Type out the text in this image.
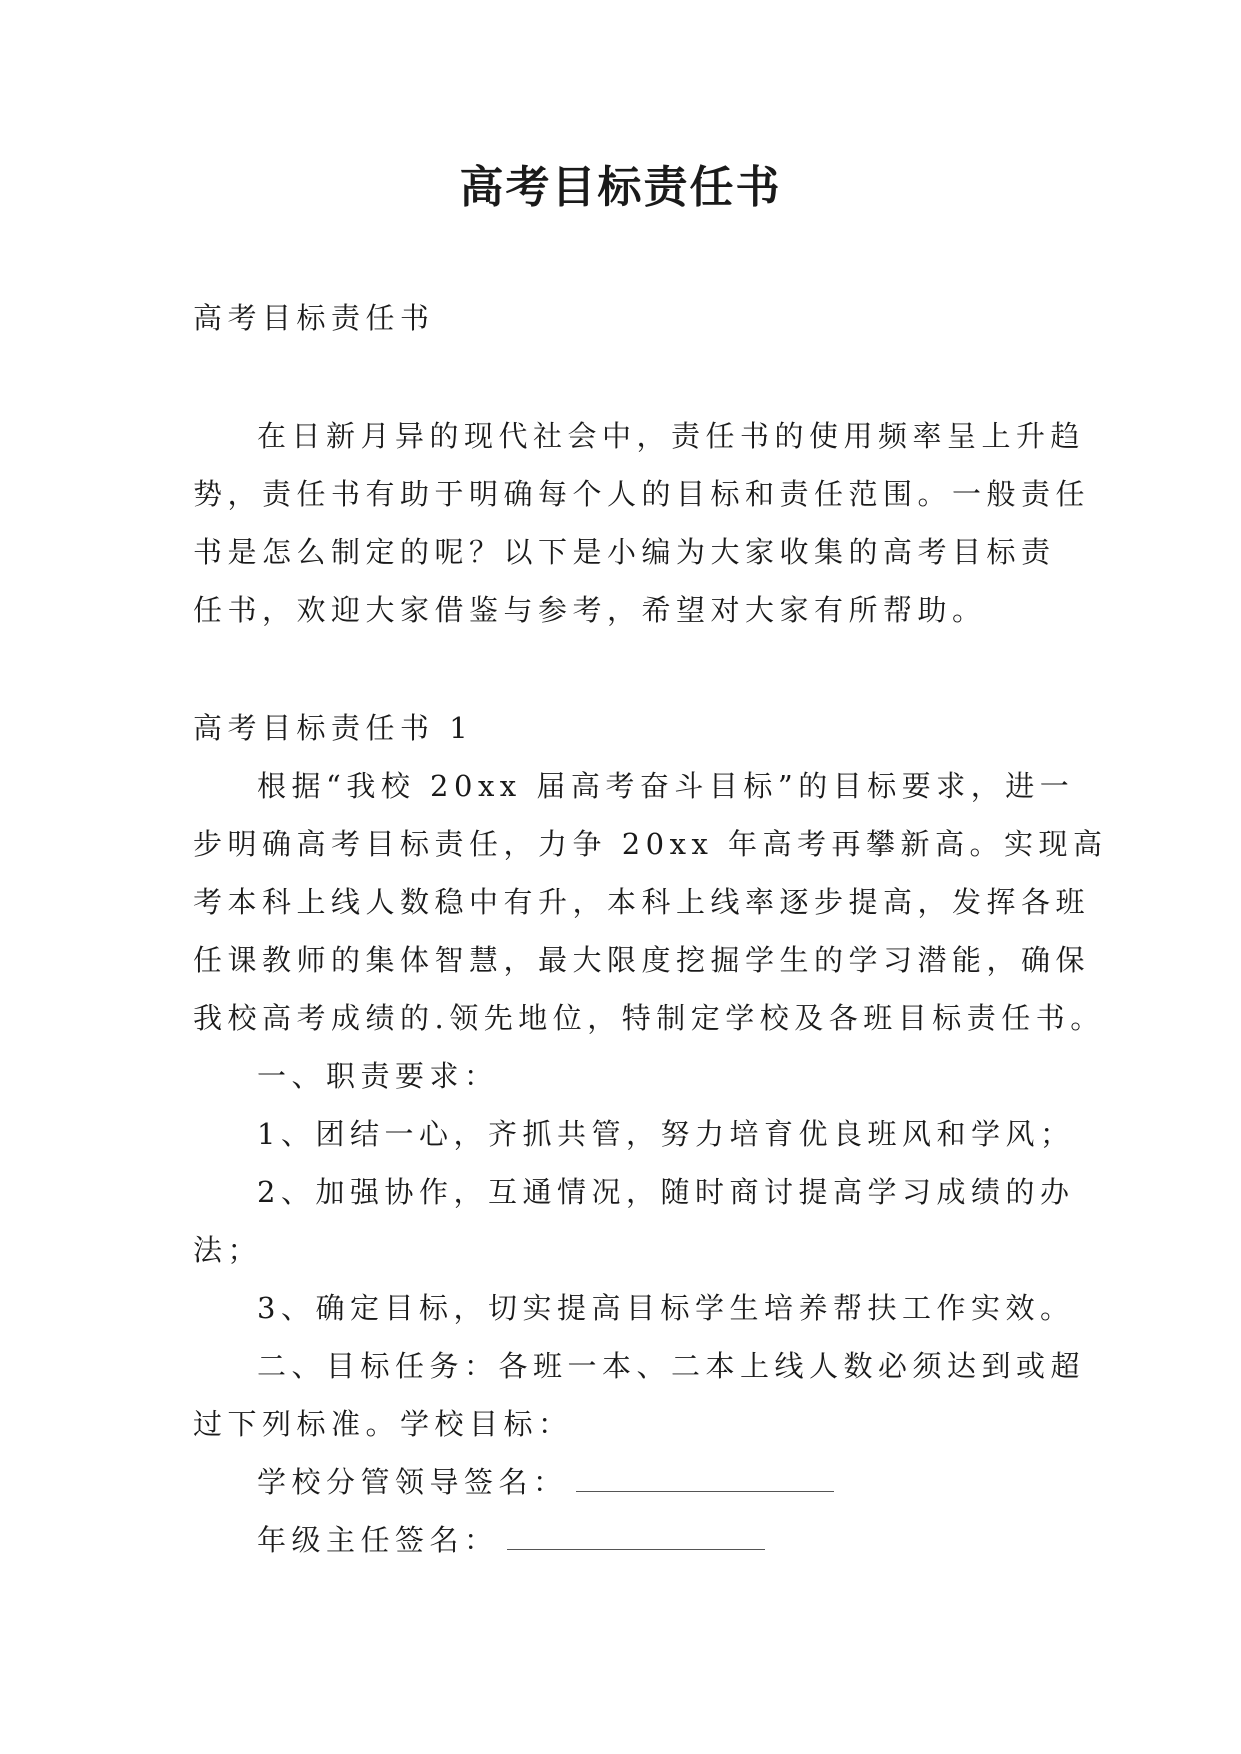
高考目标责任书
高考目标责任书
在日新月异的现代社会中，责任书的使用频率呈上升趋
势，责任书有助于明确每个人的目标和责任范围。一般责任
书是怎么制定的呢？以下是小编为大家收集的高考目标责
任书，欢迎大家借鉴与参考，希望对大家有所帮助。
高考目标责任书 1
根据“我校 20xx 届高考奋斗目标”的目标要求，进一
步明确高考目标责任，力争 20xx 年高考再攀新高。实现高
考本科上线人数稳中有升，本科上线率逐步提高，发挥各班
任课教师的集体智慧，最大限度挖掘学生的学习潜能，确保
我校高考成绩的.领先地位，特制定学校及各班目标责任书。
一、职责要求：
1、团结一心，齐抓共管，努力培育优良班风和学风；
2、加强协作，互通情况，随时商讨提高学习成绩的办
法；
3、确定目标，切实提高目标学生培养帮扶工作实效。
二、目标任务：各班一本、二本上线人数必须达到或超
过下列标准。学校目标：
学校分管领导签名：
年级主任签名：
